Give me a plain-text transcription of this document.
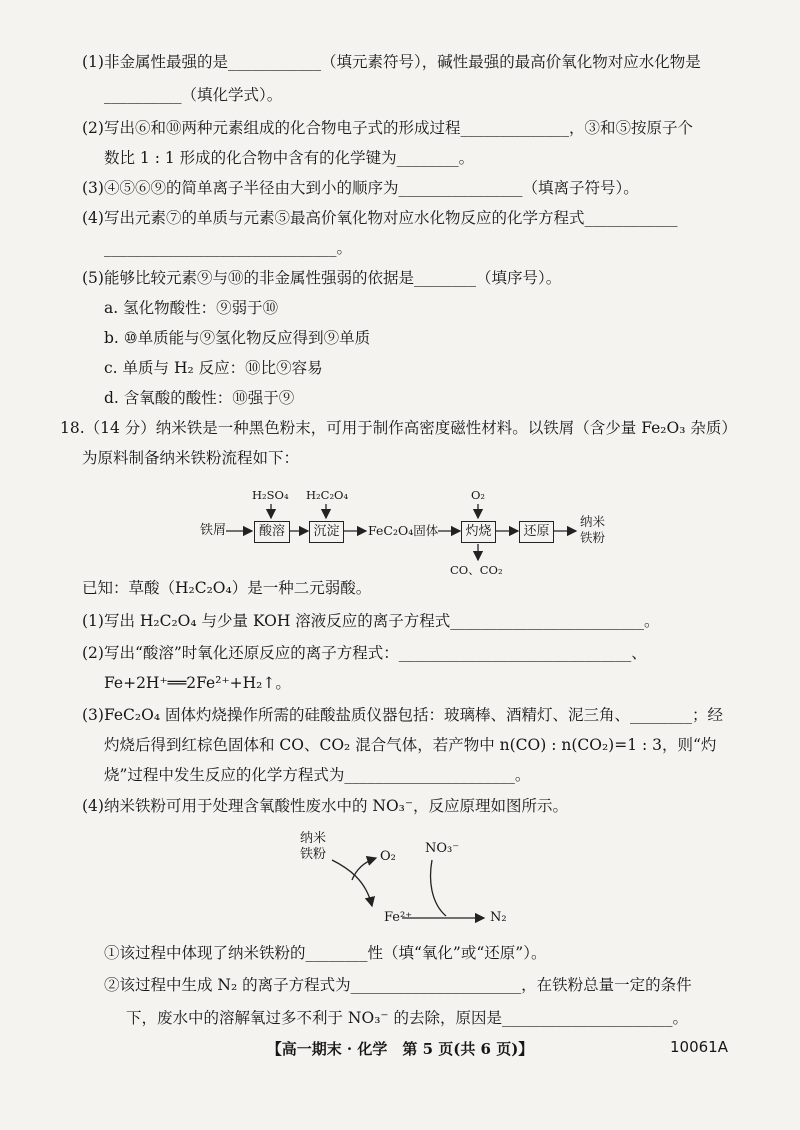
(1)非金属性最强的是____________（填元素符号），碱性最强的最高价氧化物对应水化物是
__________（填化学式）。
(2)写出⑥和⑩两种元素组成的化合物电子式的形成过程______________，③和⑤按原子个
数比 1 : 1 形成的化合物中含有的化学键为________。
(3)④⑤⑥⑨的简单离子半径由大到小的顺序为________________（填离子符号）。
(4)写出元素⑦的单质与元素⑤最高价氧化物对应水化物反应的化学方程式____________
______________________________。
(5)能够比较元素⑨与⑩的非金属性强弱的依据是________（填序号）。
a. 氢化物酸性：⑨弱于⑩
b. ⑩单质能与⑨氢化物反应得到⑨单质
c. 单质与 H₂ 反应：⑩比⑨容易
d. 含氧酸的酸性：⑩强于⑨
18.（14 分）纳米铁是一种黑色粉末，可用于制作高密度磁性材料。以铁屑（含少量 Fe₂O₃ 杂质）
为原料制备纳米铁粉流程如下：
铁屑
H₂SO₄
酸溶
H₂C₂O₄
沉淀	FeC₂O₄固体
O₂
灼烧
CO、CO₂
还原
纳米
铁粉
已知：草酸（H₂C₂O₄）是一种二元弱酸。
(1)写出 H₂C₂O₄ 与少量 KOH 溶液反应的离子方程式_________________________。
(2)写出“酸溶”时氧化还原反应的离子方程式：______________________________、
Fe+2H⁺══2Fe²⁺+H₂↑。
(3)FeC₂O₄ 固体灼烧操作所需的硅酸盐质仪器包括：玻璃棒、酒精灯、泥三角、________；经
灼烧后得到红棕色固体和 CO、CO₂ 混合气体，若产物中 n(CO) : n(CO₂)=1 : 3，则“灼
烧”过程中发生反应的化学方程式为______________________。
(4)纳米铁粉可用于处理含氧酸性废水中的 NO₃⁻，反应原理如图所示。
纳米
铁粉	O₂
NO₃⁻
Fe²⁺	N₂
①该过程中体现了纳米铁粉的________性（填“氧化”或“还原”）。
②该过程中生成 N₂ 的离子方程式为______________________，在铁粉总量一定的条件
下，废水中的溶解氧过多不利于 NO₃⁻ 的去除，原因是______________________。
【高一期末 · 化学　第 5 页(共 6 页)】	10061A
